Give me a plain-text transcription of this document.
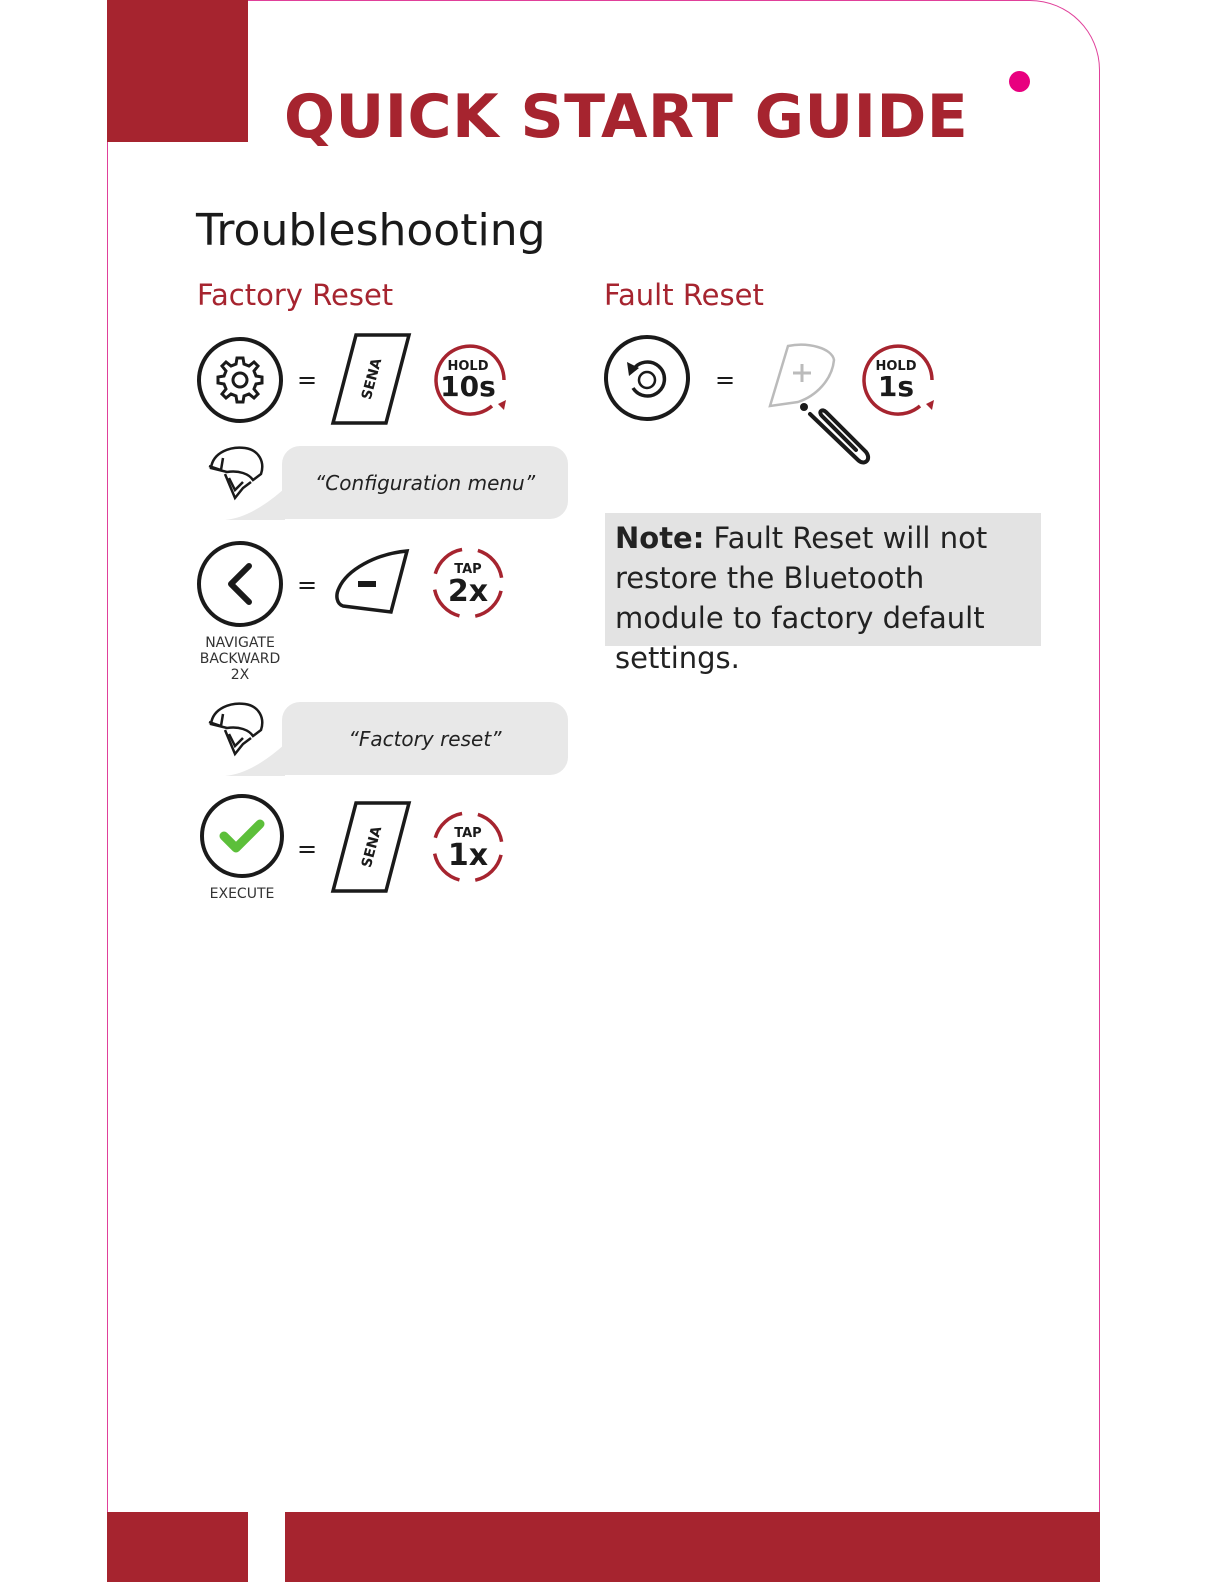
QUICK START GUIDE
Troubleshooting
Factory Reset
=	SENA	HOLD
10s
“Configuration menu”
NAVIGATE
BACKWARD
2X
=
TAP
2x
“Factory reset”
EXECUTE
=	SENA	TAP
1x
Fault Reset
=	HOLD
1s
Note: Fault Reset will not restore the Bluetooth module to factory default settings.
